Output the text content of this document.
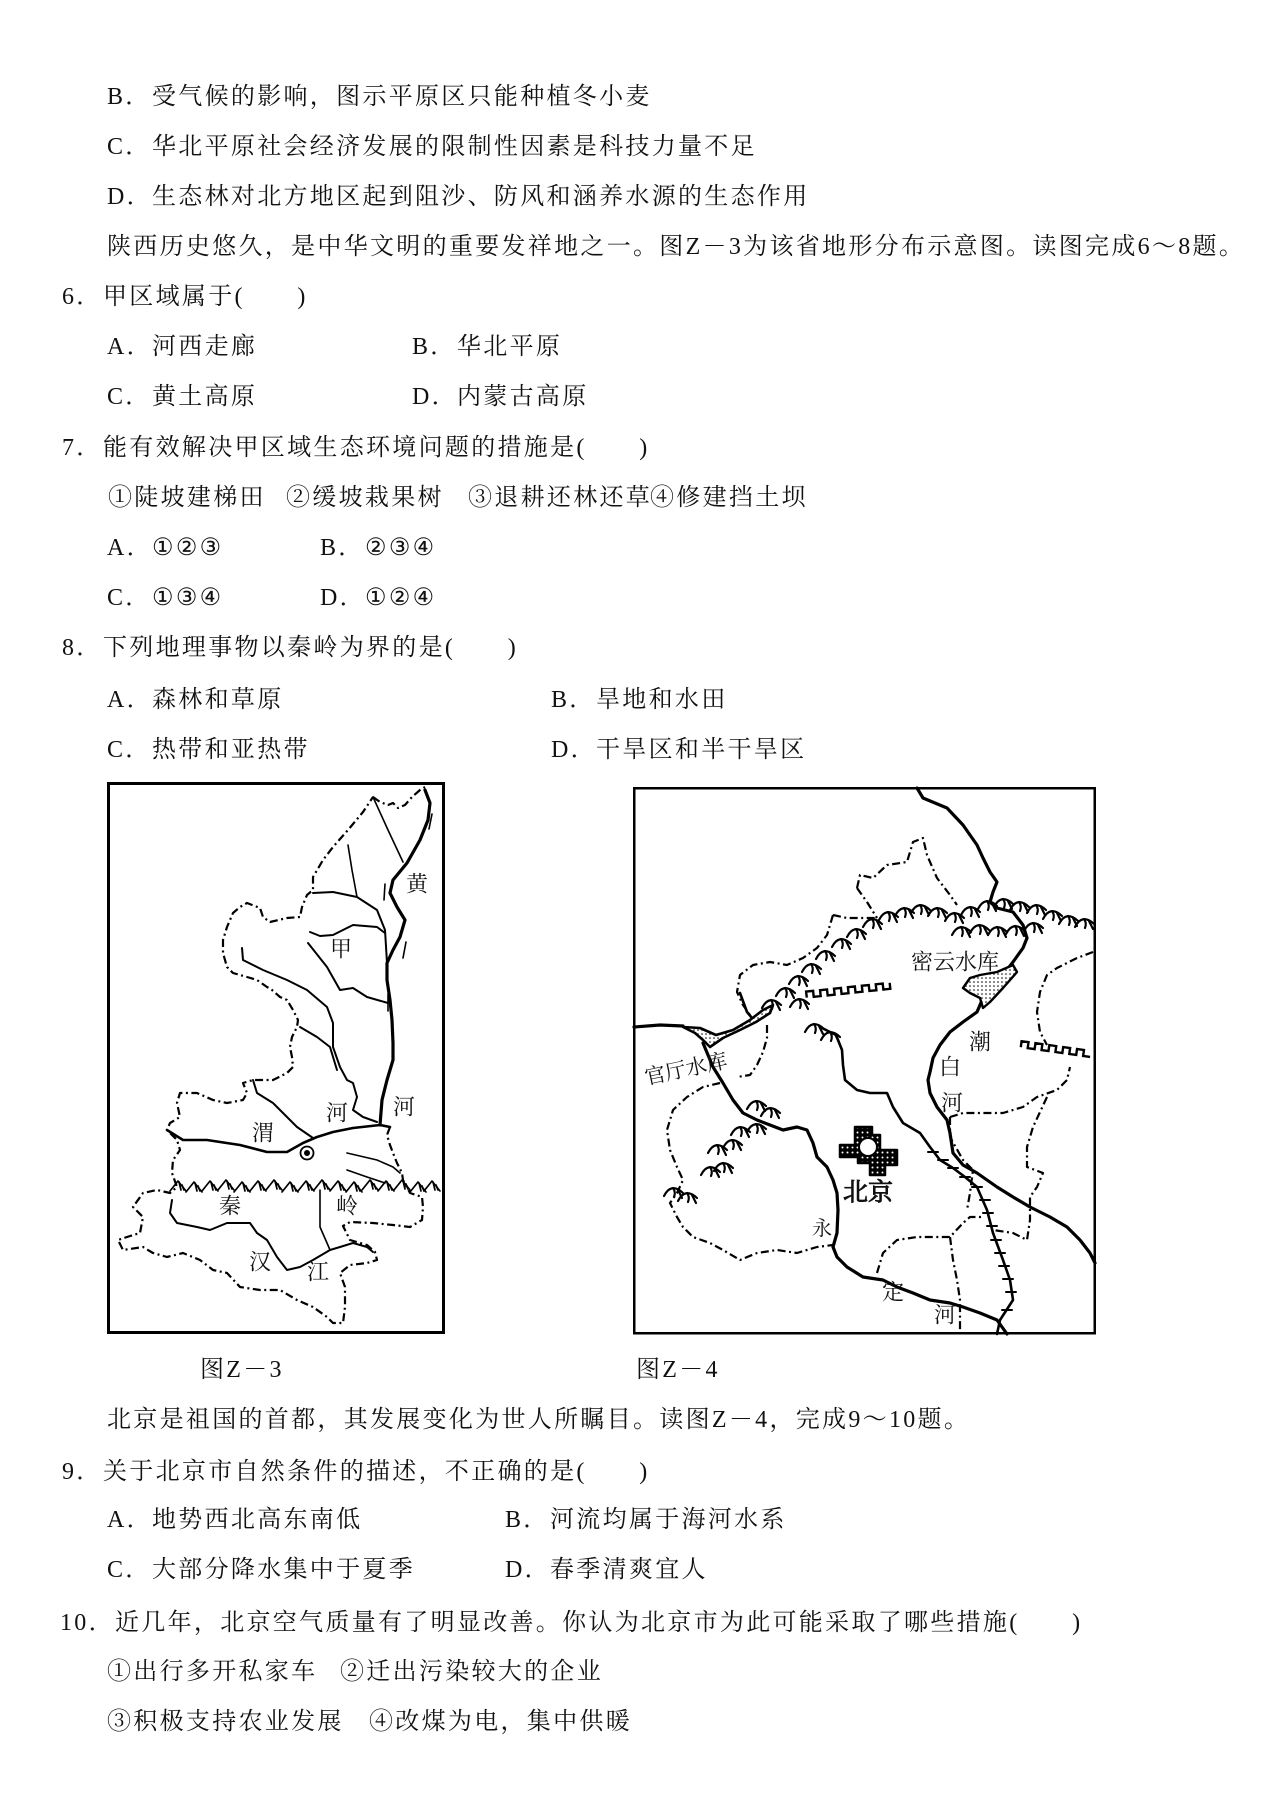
B． 受气候的影响，图示平原区只能种植冬小麦
C． 华北平原社会经济发展的限制性因素是科技力量不足
D． 生态林对北方地区起到阻沙、防风和涵养水源的生态作用
陕西历史悠久，是中华文明的重要发祥地之一。图Z－3为该省地形分布示意图。读图完成6～8题。
6． 甲区域属于(　　)
A． 河西走廊	B． 华北平原
C． 黄土高原	D． 内蒙古高原
7． 能有效解决甲区域生态环境问题的措施是(　　)
①陡坡建梯田 ②缓坡栽果树 ③退耕还林还草
④修建挡土坝
A． ①②③	B． ②③④
C． ①③④	D． ①②④
8． 下列地理事物以秦岭为界的是(　　)
A． 森林和草原	B． 旱地和水田
C． 热带和亚热带	D． 干旱区和半干旱区
黄
甲
渭
河 河
秦	岭
汉 江
密云水库
官厅水库
潮
白
河
北京
永
定
河
图Z－3	图Z－4
北京是祖国的首都，其发展变化为世人所瞩目。读图Z－4，完成9～10题。
9． 关于北京市自然条件的描述，不正确的是(　　)
A． 地势西北高东南低	B． 河流均属于海河水系
C． 大部分降水集中于夏季	D． 春季清爽宜人
10． 近几年，北京空气质量有了明显改善。你认为北京市为此可能采取了哪些措施(　　)
①出行多开私家车 ②迁出污染较大的企业
③积极支持农业发展 ④改煤为电，集中供暖
